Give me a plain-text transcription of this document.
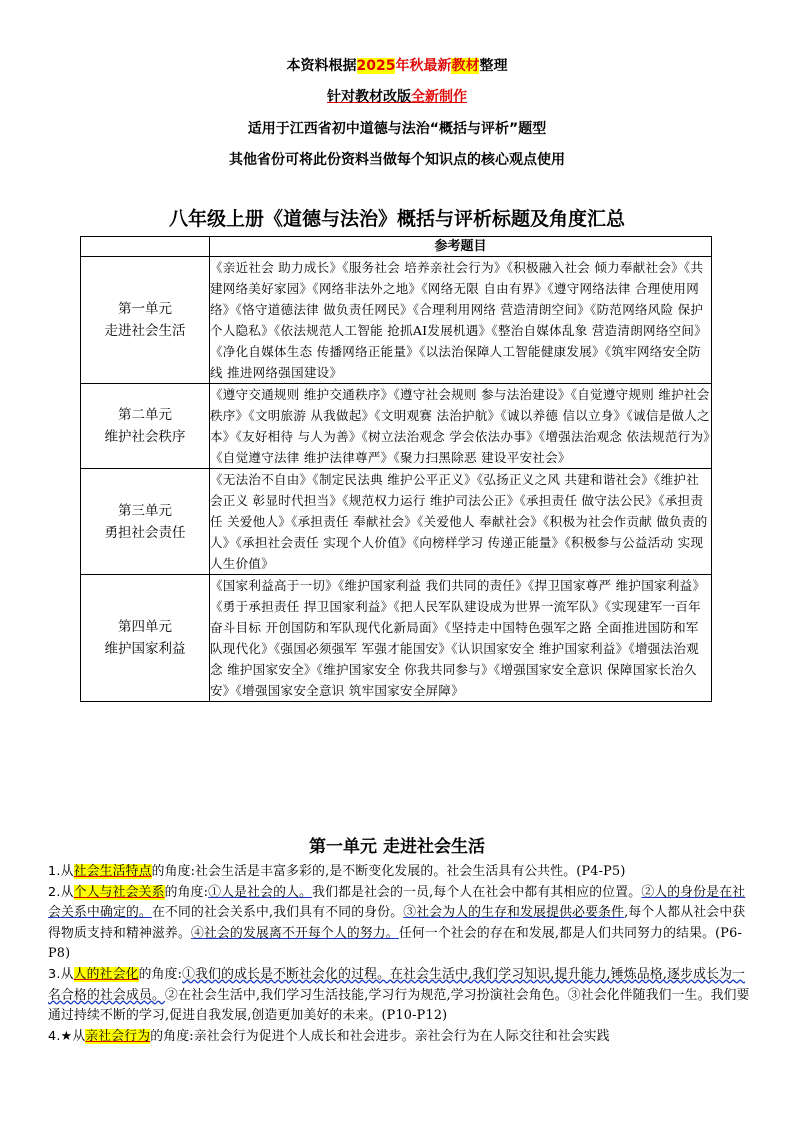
本资料根据2025年秋最新教材整理
针对教材改版全新制作
适用于江西省初中道德与法治“概括与评析”题型
其他省份可将此份资料当做每个知识点的核心观点使用
八年级上册《道德与法治》概括与评析标题及角度汇总
	参考题目
第一单元
走进社会生活	《亲近社会 助力成长》《服务社会 培养亲社会行为》《积极融入社会 倾力奉献社会》《共建网络美好家园》《网络非法外之地》《网络无限 自由有界》《遵守网络法律 合理使用网络》《恪守道德法律 做负责任网民》《合理利用网络 营造清朗空间》《防范网络风险 保护个人隐私》《依法规范人工智能 抢抓AI发展机遇》《整治自媒体乱象 营造清朗网络空间》《净化自媒体生态 传播网络正能量》《以法治保障人工智能健康发展》《筑牢网络安全防线 推进网络强国建设》
第二单元
维护社会秩序	《遵守交通规则 维护交通秩序》《遵守社会规则 参与法治建设》《自觉遵守规则 维护社会秩序》《文明旅游 从我做起》《文明观赛 法治护航》《诚以养德 信以立身》《诚信是做人之本》《友好相待 与人为善》《树立法治观念 学会依法办事》《增强法治观念 依法规范行为》《自觉遵守法律 维护法律尊严》《聚力扫黑除恶 建设平安社会》
第三单元
勇担社会责任	《无法治不自由》《制定民法典 维护公平正义》《弘扬正义之风 共建和谐社会》《维护社会正义 彰显时代担当》《规范权力运行 维护司法公正》《承担责任 做守法公民》《承担责任 关爱他人》《承担责任 奉献社会》《关爱他人 奉献社会》《积极为社会作贡献 做负责的人》《承担社会责任 实现个人价值》《向榜样学习 传递正能量》《积极参与公益活动 实现人生价值》
第四单元
维护国家利益	《国家利益高于一切》《维护国家利益 我们共同的责任》《捍卫国家尊严 维护国家利益》《勇于承担责任 捍卫国家利益》《把人民军队建设成为世界一流军队》《实现建军一百年奋斗目标 开创国防和军队现代化新局面》《坚持走中国特色强军之路 全面推进国防和军队现代化》《强国必须强军 军强才能国安》《认识国家安全 维护国家利益》《增强法治观念 维护国家安全》《维护国家安全 你我共同参与》《增强国家安全意识 保障国家长治久安》《增强国家安全意识 筑牢国家安全屏障》
第一单元 走进社会生活

1.从社会生活特点的角度:社会生活是丰富多彩的,是不断变化发展的。社会生活具有公共性。(P4-P5)

2.从个人与社会关系的角度:①人是社会的人。我们都是社会的一员,每个人在社会中都有其相应的位置。②人的身份是在社会关系中确定的。在不同的社会关系中,我们具有不同的身份。③社会为人的生存和发展提供必要条件,每个人都从社会中获得物质支持和精神滋养。④社会的发展离不开每个人的努力。任何一个社会的存在和发展,都是人们共同努力的结果。(P6-P8)

3.从人的社会化的角度:①我们的成长是不断社会化的过程。在社会生活中,我们学习知识,提升能力,锤炼品格,逐步成长为一名合格的社会成员。②在社会生活中,我们学习生活技能,学习行为规范,学习扮演社会角色。③社会化伴随我们一生。我们要通过持续不断的学习,促进自我发展,创造更加美好的未来。(P10-P12)

4.★从亲社会行为的角度:亲社会行为促进个人成长和社会进步。亲社会行为在人际交往和社会实践
